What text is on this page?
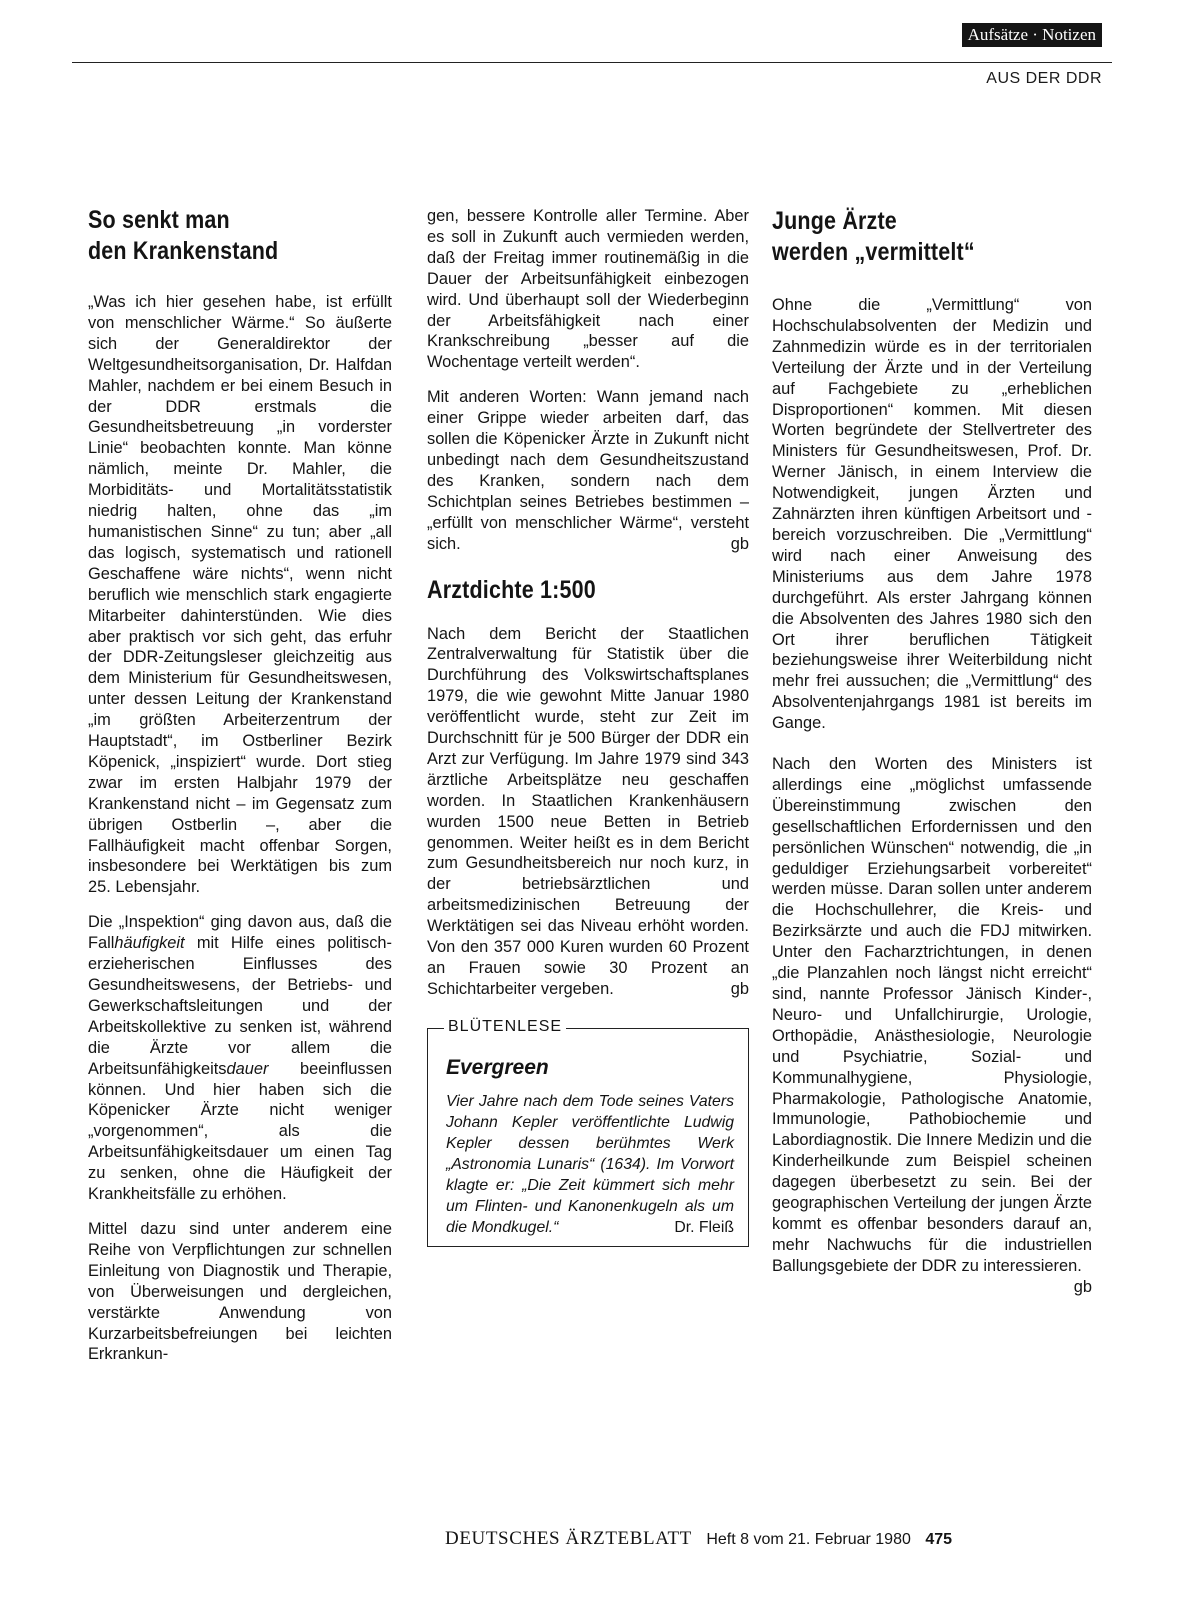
Aufsätze · Notizen
AUS DER DDR
So senkt man
den Krankenstand

„Was ich hier gesehen habe, ist erfüllt von menschlicher Wärme.“ So äußerte sich der Generaldirektor der Weltgesundheitsorganisation, Dr. Halfdan Mahler, nachdem er bei einem Besuch in der DDR erstmals die Gesundheitsbetreuung „in vorderster Linie“ beobachten konnte. Man könne nämlich, meinte Dr. Mahler, die Morbiditäts- und Mortalitätsstatistik niedrig halten, ohne das „im humanistischen Sinne“ zu tun; aber „all das logisch, systematisch und rationell Geschaffene wäre nichts“, wenn nicht beruflich wie menschlich stark engagierte Mitarbeiter dahinterstünden. Wie dies aber praktisch vor sich geht, das erfuhr der DDR-Zeitungsleser gleichzeitig aus dem Ministerium für Gesundheitswesen, unter dessen Leitung der Krankenstand „im größten Arbeiterzentrum der Hauptstadt“, im Ostberliner Bezirk Köpenick, „inspiziert“ wurde. Dort stieg zwar im ersten Halbjahr 1979 der Krankenstand nicht – im Gegensatz zum übrigen Ostberlin –, aber die Fallhäufigkeit macht offenbar Sorgen, insbesondere bei Werktätigen bis zum 25. Lebensjahr.

Die „Inspektion“ ging davon aus, daß die Fallhäufigkeit mit Hilfe eines politisch-erzieherischen Einflusses des Gesundheitswesens, der Betriebs- und Gewerkschaftsleitungen und der Arbeitskollektive zu senken ist, während die Ärzte vor allem die Arbeitsunfähigkeitsdauer beeinflussen können. Und hier haben sich die Köpenicker Ärzte nicht weniger „vorgenommen“, als die Arbeitsunfähigkeitsdauer um einen Tag zu senken, ohne die Häufigkeit der Krankheitsfälle zu erhöhen.

Mittel dazu sind unter anderem eine Reihe von Verpflichtungen zur schnellen Einleitung von Diagnostik und Therapie, von Überweisungen und dergleichen, verstärkte Anwendung von Kurzarbeitsbefreiungen bei leichten Erkrankun-

gen, bessere Kontrolle aller Termine. Aber es soll in Zukunft auch vermieden werden, daß der Freitag immer routinemäßig in die Dauer der Arbeitsunfähigkeit einbezogen wird. Und überhaupt soll der Wiederbeginn der Arbeitsfähigkeit nach einer Krankschreibung „besser auf die Wochentage verteilt werden“.

Mit anderen Worten: Wann jemand nach einer Grippe wieder arbeiten darf, das sollen die Köpenicker Ärzte in Zukunft nicht unbedingt nach dem Gesundheitszustand des Kranken, sondern nach dem Schichtplan seines Betriebes bestimmen – „erfüllt von menschlicher Wärme“, versteht sich.	gb

Arztdichte 1:500

Nach dem Bericht der Staatlichen Zentralverwaltung für Statistik über die Durchführung des Volkswirtschaftsplanes 1979, die wie gewohnt Mitte Januar 1980 veröffentlicht wurde, steht zur Zeit im Durchschnitt für je 500 Bürger der DDR ein Arzt zur Verfügung. Im Jahre 1979 sind 343 ärztliche Arbeitsplätze neu geschaffen worden. In Staatlichen Krankenhäusern wurden 1500 neue Betten in Betrieb genommen. Weiter heißt es in dem Bericht zum Gesundheitsbereich nur noch kurz, in der betriebsärztlichen und arbeitsmedizinischen Betreuung der Werktätigen sei das Niveau erhöht worden. Von den 357 000 Kuren wurden 60 Prozent an Frauen sowie 30 Prozent an Schichtarbeiter vergeben.	gb

BLÜTENLESE
Evergreen

Vier Jahre nach dem Tode seines Vaters Johann Kepler veröffentlichte Ludwig Kepler dessen berühmtes Werk „Astronomia Lunaris“ (1634). Im Vorwort klagte er: „Die Zeit kümmert sich mehr um Flinten- und Kanonenkugeln als um die Mondkugel.“	Dr. Fleiß

Junge Ärzte
werden „vermittelt“

Ohne die „Vermittlung“ von Hochschulabsolventen der Medizin und Zahnmedizin würde es in der territorialen Verteilung der Ärzte und in der Verteilung auf Fachgebiete zu „erheblichen Disproportionen“ kommen. Mit diesen Worten begründete der Stellvertreter des Ministers für Gesundheitswesen, Prof. Dr. Werner Jänisch, in einem Interview die Notwendigkeit, jungen Ärzten und Zahnärzten ihren künftigen Arbeitsort und -bereich vorzuschreiben. Die „Vermittlung“ wird nach einer Anweisung des Ministeriums aus dem Jahre 1978 durchgeführt. Als erster Jahrgang können die Absolventen des Jahres 1980 sich den Ort ihrer beruflichen Tätigkeit beziehungsweise ihrer Weiterbildung nicht mehr frei aussuchen; die „Vermittlung“ des Absolventenjahrgangs 1981 ist bereits im Gange.

Nach den Worten des Ministers ist allerdings eine „möglichst umfassende Übereinstimmung zwischen den gesellschaftlichen Erfordernissen und den persönlichen Wünschen“ notwendig, die „in geduldiger Erziehungsarbeit vorbereitet“ werden müsse. Daran sollen unter anderem die Hochschullehrer, die Kreis- und Bezirksärzte und auch die FDJ mitwirken. Unter den Facharztrichtungen, in denen „die Planzahlen noch längst nicht erreicht“ sind, nannte Professor Jänisch Kinder-, Neuro- und Unfallchirurgie, Urologie, Orthopädie, Anästhesiologie, Neurologie und Psychiatrie, Sozial- und Kommunalhygiene, Physiologie, Pharmakologie, Pathologische Anatomie, Immunologie, Pathobiochemie und Labordiagnostik. Die Innere Medizin und die Kinderheilkunde zum Beispiel scheinen dagegen überbesetzt zu sein. Bei der geographischen Verteilung der jungen Ärzte kommt es offenbar besonders darauf an, mehr Nachwuchs für die industriellen Ballungsgebiete der DDR zu interessieren.
gb

DEUTSCHES ÄRZTEBLATT Heft 8 vom 21. Februar 1980 475
